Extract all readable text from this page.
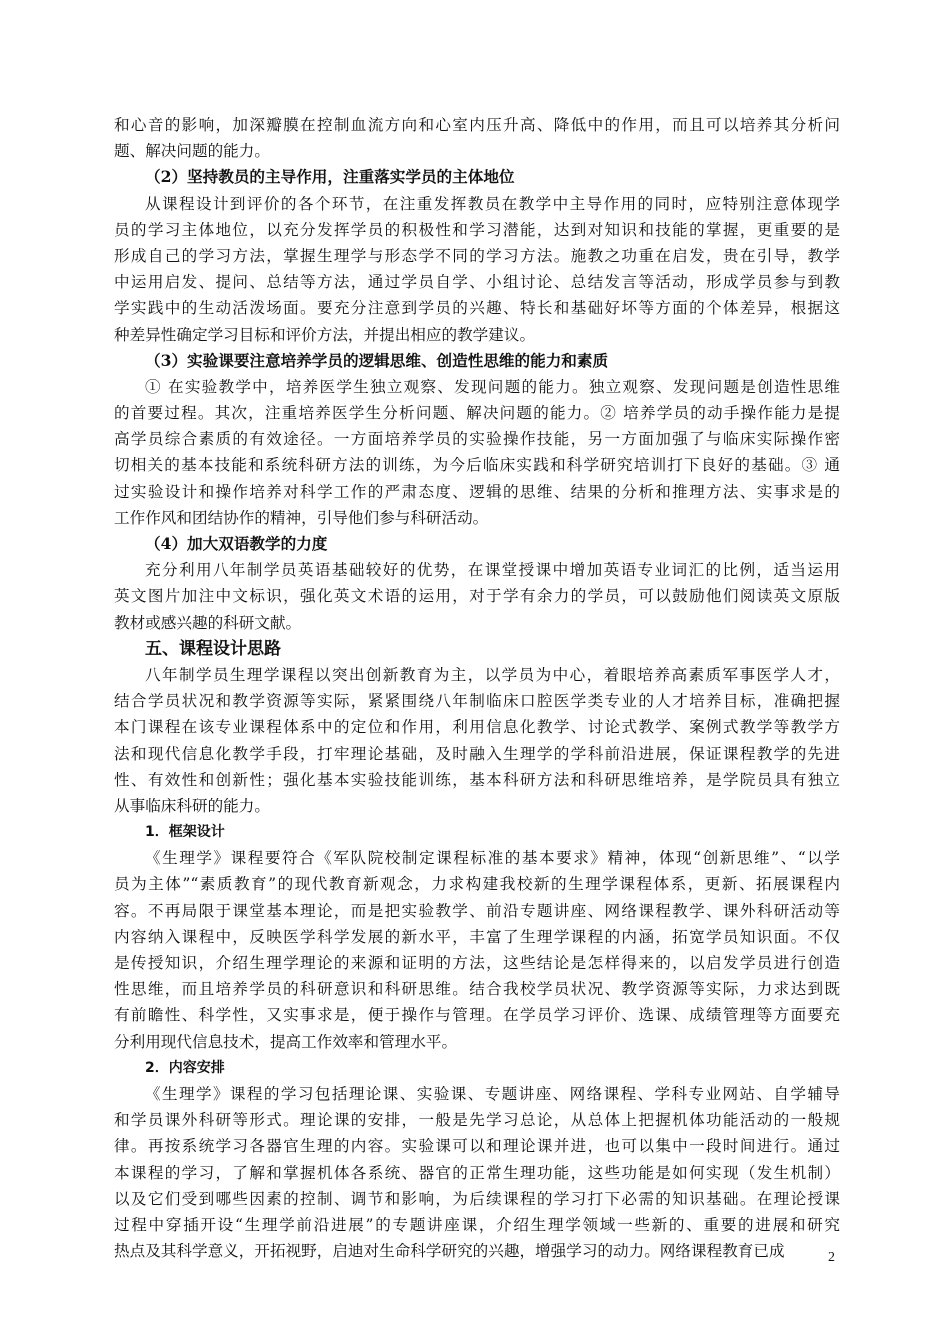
和心音的影响，加深瓣膜在控制血流方向和心室内压升高、降低中的作用，而且可以培养其分析问
题、解决问题的能力。
（2）坚持教员的主导作用，注重落实学员的主体地位
从课程设计到评价的各个环节，在注重发挥教员在教学中主导作用的同时，应特别注意体现学
员的学习主体地位，以充分发挥学员的积极性和学习潜能，达到对知识和技能的掌握，更重要的是
形成自己的学习方法，掌握生理学与形态学不同的学习方法。施教之功重在启发，贵在引导，教学
中运用启发、提问、总结等方法，通过学员自学、小组讨论、总结发言等活动，形成学员参与到教
学实践中的生动活泼场面。要充分注意到学员的兴趣、特长和基础好坏等方面的个体差异，根据这
种差异性确定学习目标和评价方法，并提出相应的教学建议。
（3）实验课要注意培养学员的逻辑思维、创造性思维的能力和素质
① 在实验教学中，培养医学生独立观察、发现问题的能力。独立观察、发现问题是创造性思维
的首要过程。其次，注重培养医学生分析问题、解决问题的能力。② 培养学员的动手操作能力是提
高学员综合素质的有效途径。一方面培养学员的实验操作技能，另一方面加强了与临床实际操作密
切相关的基本技能和系统科研方法的训练，为今后临床实践和科学研究培训打下良好的基础。③ 通
过实验设计和操作培养对科学工作的严肃态度、逻辑的思维、结果的分析和推理方法、实事求是的
工作作风和团结协作的精神，引导他们参与科研活动。
（4）加大双语教学的力度
充分利用八年制学员英语基础较好的优势，在课堂授课中增加英语专业词汇的比例，适当运用
英文图片加注中文标识，强化英文术语的运用，对于学有余力的学员，可以鼓励他们阅读英文原版
教材或感兴趣的科研文献。
五、课程设计思路
八年制学员生理学课程以突出创新教育为主，以学员为中心，着眼培养高素质军事医学人才，
结合学员状况和教学资源等实际，紧紧围绕八年制临床口腔医学类专业的人才培养目标，准确把握
本门课程在该专业课程体系中的定位和作用，利用信息化教学、讨论式教学、案例式教学等教学方
法和现代信息化教学手段，打牢理论基础，及时融入生理学的学科前沿进展，保证课程教学的先进
性、有效性和创新性；强化基本实验技能训练，基本科研方法和科研思维培养，是学院员具有独立
从事临床科研的能力。
1．框架设计
《生理学》课程要符合《军队院校制定课程标准的基本要求》精神，体现“创新思维”、“以学
员为主体”“素质教育”的现代教育新观念，力求构建我校新的生理学课程体系，更新、拓展课程内
容。不再局限于课堂基本理论，而是把实验教学、前沿专题讲座、网络课程教学、课外科研活动等
内容纳入课程中，反映医学科学发展的新水平，丰富了生理学课程的内涵，拓宽学员知识面。不仅
是传授知识，介绍生理学理论的来源和证明的方法，这些结论是怎样得来的，以启发学员进行创造
性思维，而且培养学员的科研意识和科研思维。结合我校学员状况、教学资源等实际，力求达到既
有前瞻性、科学性，又实事求是，便于操作与管理。在学员学习评价、选课、成绩管理等方面要充
分利用现代信息技术，提高工作效率和管理水平。
2．内容安排
《生理学》课程的学习包括理论课、实验课、专题讲座、网络课程、学科专业网站、自学辅导
和学员课外科研等形式。理论课的安排，一般是先学习总论，从总体上把握机体功能活动的一般规
律。再按系统学习各器官生理的内容。实验课可以和理论课并进，也可以集中一段时间进行。通过
本课程的学习，了解和掌握机体各系统、器官的正常生理功能，这些功能是如何实现（发生机制）
以及它们受到哪些因素的控制、调节和影响，为后续课程的学习打下必需的知识基础。在理论授课
过程中穿插开设“生理学前沿进展”的专题讲座课，介绍生理学领域一些新的、重要的进展和研究
热点及其科学意义，开拓视野，启迪对生命科学研究的兴趣，增强学习的动力。网络课程教育已成	2
